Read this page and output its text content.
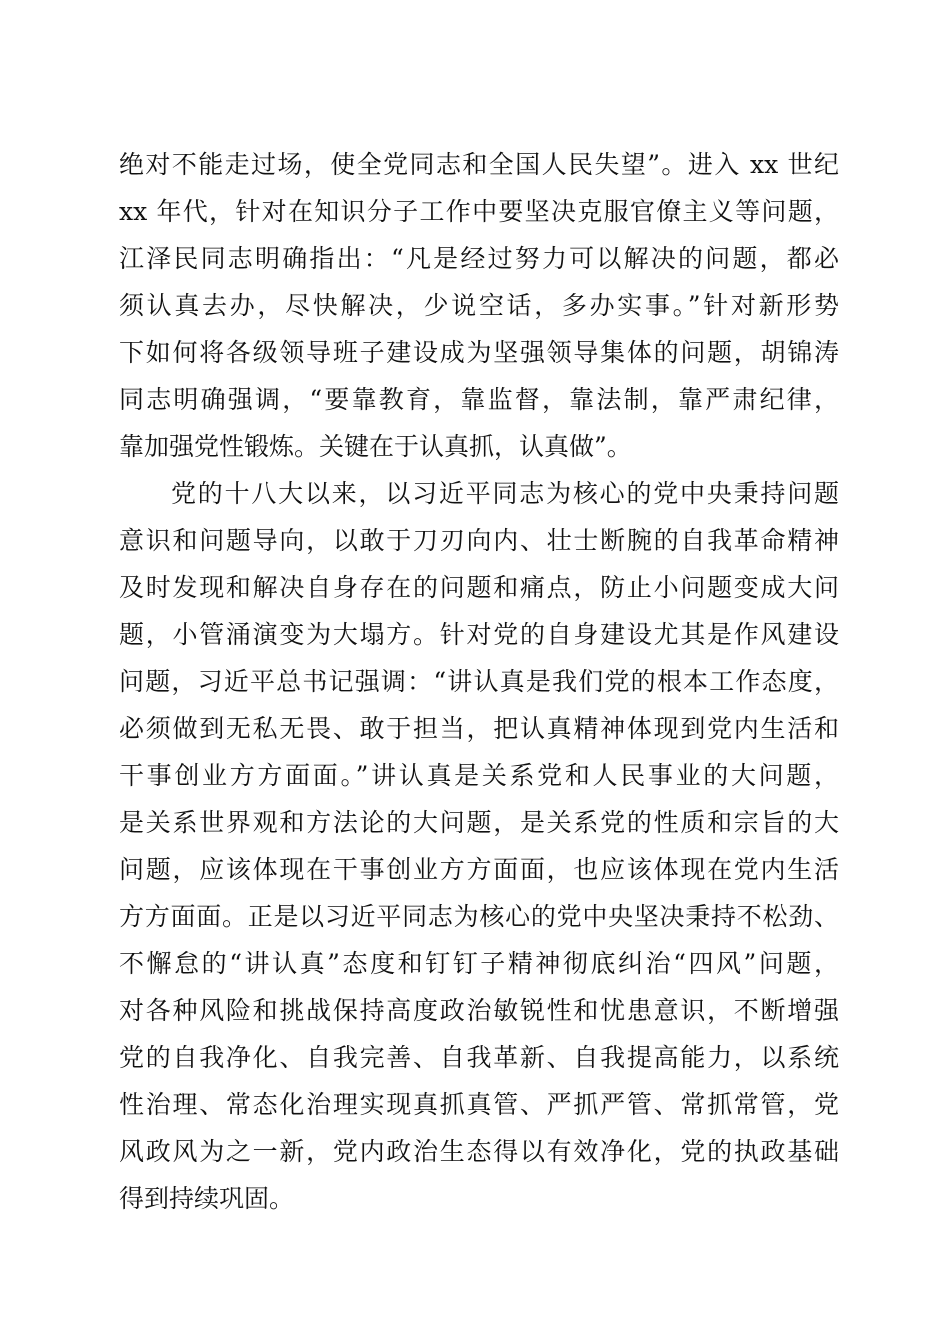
绝对不能走过场，使全党同志和全国人民失望”。进入 xx 世纪
xx 年代，针对在知识分子工作中要坚决克服官僚主义等问题，
江泽民同志明确指出：“凡是经过努力可以解决的问题，都必
须认真去办，尽快解决，少说空话，多办实事。”针对新形势
下如何将各级领导班子建设成为坚强领导集体的问题，胡锦涛
同志明确强调，“要靠教育，靠监督，靠法制，靠严肃纪律，
靠加强党性锻炼。关键在于认真抓，认真做”。
党的十八大以来，以习近平同志为核心的党中央秉持问题
意识和问题导向，以敢于刀刃向内、壮士断腕的自我革命精神
及时发现和解决自身存在的问题和痛点，防止小问题变成大问
题，小管涌演变为大塌方。针对党的自身建设尤其是作风建设
问题，习近平总书记强调：“讲认真是我们党的根本工作态度，
必须做到无私无畏、敢于担当，把认真精神体现到党内生活和
干事创业方方面面。”讲认真是关系党和人民事业的大问题，
是关系世界观和方法论的大问题，是关系党的性质和宗旨的大
问题，应该体现在干事创业方方面面，也应该体现在党内生活
方方面面。正是以习近平同志为核心的党中央坚决秉持不松劲、
不懈怠的“讲认真”态度和钉钉子精神彻底纠治“四风”问题，
对各种风险和挑战保持高度政治敏锐性和忧患意识，不断增强
党的自我净化、自我完善、自我革新、自我提高能力，以系统
性治理、常态化治理实现真抓真管、严抓严管、常抓常管，党
风政风为之一新，党内政治生态得以有效净化，党的执政基础
得到持续巩固。
